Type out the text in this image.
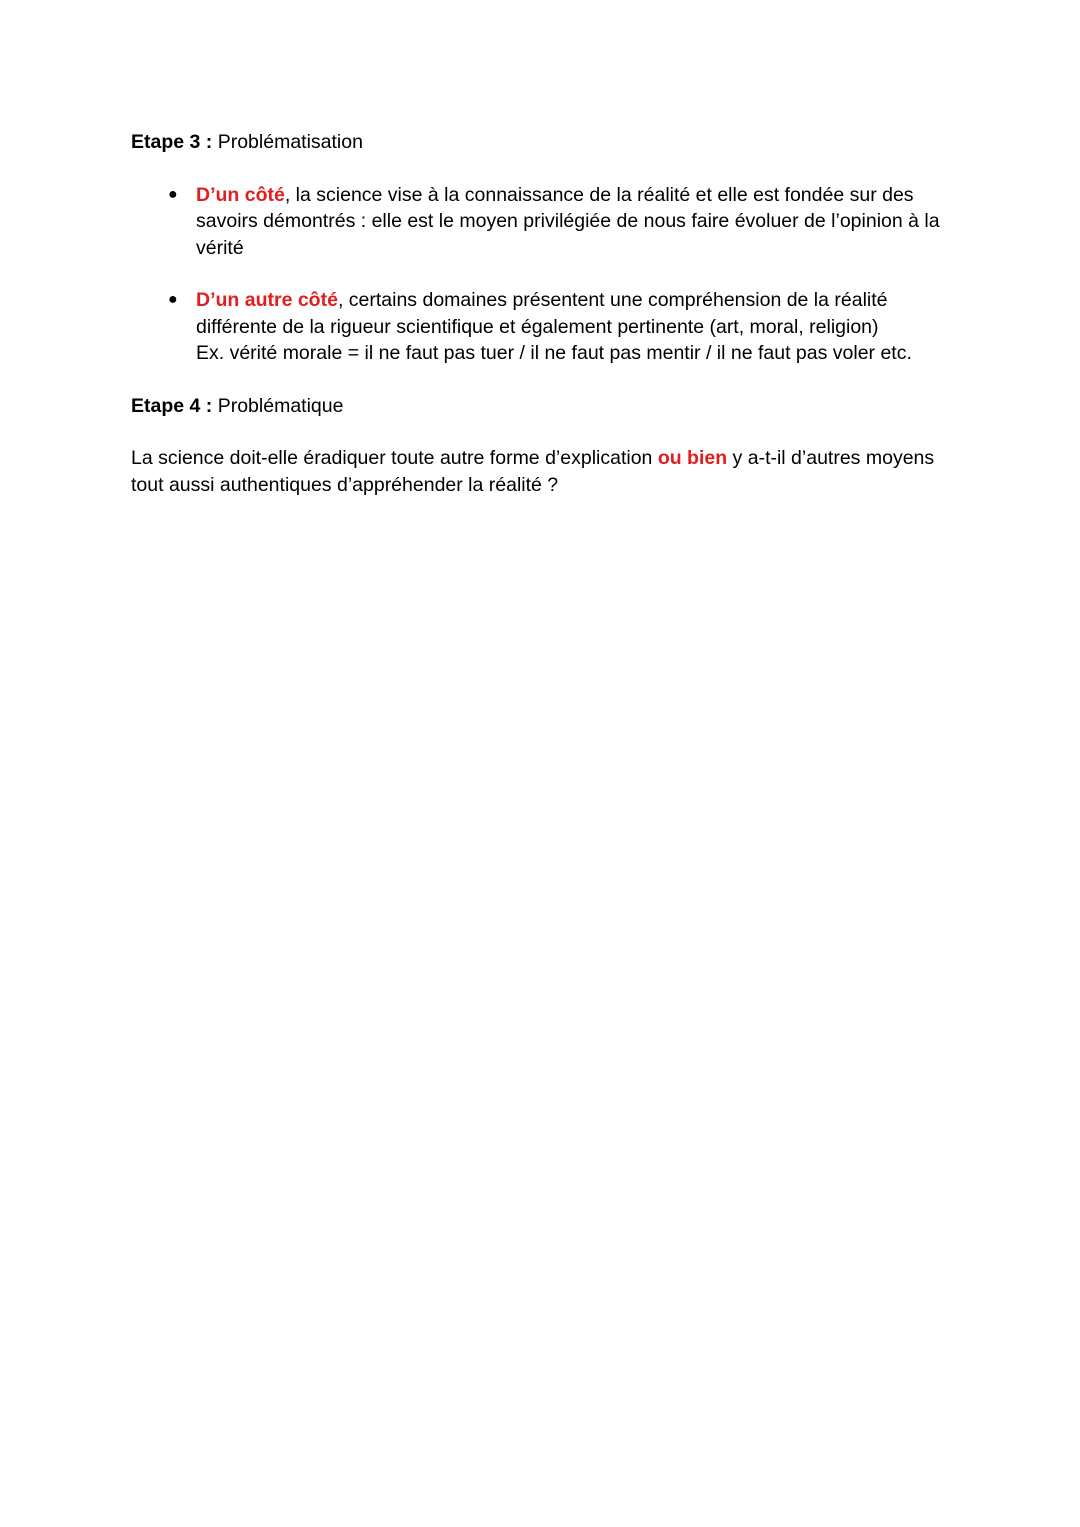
Etape 3 : Problématisation

● D’un côté, la science vise à la connaissance de la réalité et elle est fondée sur des savoirs démontrés : elle est le moyen privilégiée de nous faire évoluer de l’opinion à la vérité
● D’un autre côté, certains domaines présentent une compréhension de la réalité différente de la rigueur scientifique et également pertinente (art, moral, religion)
Ex. vérité morale = il ne faut pas tuer / il ne faut pas mentir / il ne faut pas voler etc.

Etape 4 : Problématique

La science doit-elle éradiquer toute autre forme d’explication ou bien y a-t-il d’autres moyens tout aussi authentiques d’appréhender la réalité ?
